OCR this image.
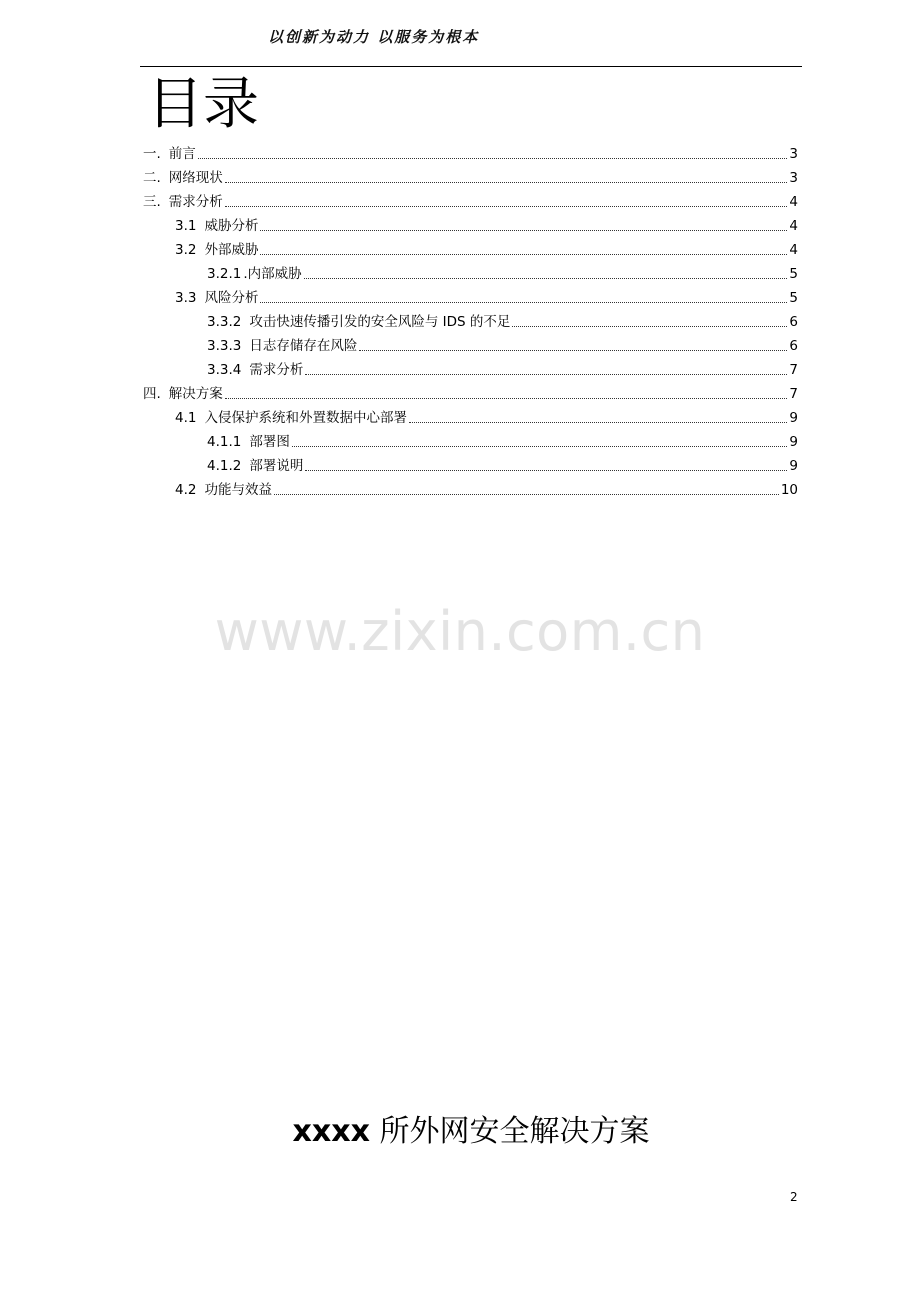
以创新为动力 以服务为根本
目录
一. 前言	3
二. 网络现状	3
三. 需求分析	4
3.1 威胁分析	4
3.2 外部威胁	4
3.2.1 .内部威胁	5
3.3 风险分析	5
3.3.2 攻击快速传播引发的安全风险与 IDS 的不足	6
3.3.3 日志存储存在风险	6
3.3.4 需求分析	7
四. 解决方案	7
4.1 入侵保护系统和外置数据中心部署	9
4.1.1 部署图	9
4.1.2 部署说明	9
4.2 功能与效益	10
www.zixin.com.cn
xxxx 所外网安全解决方案
2
